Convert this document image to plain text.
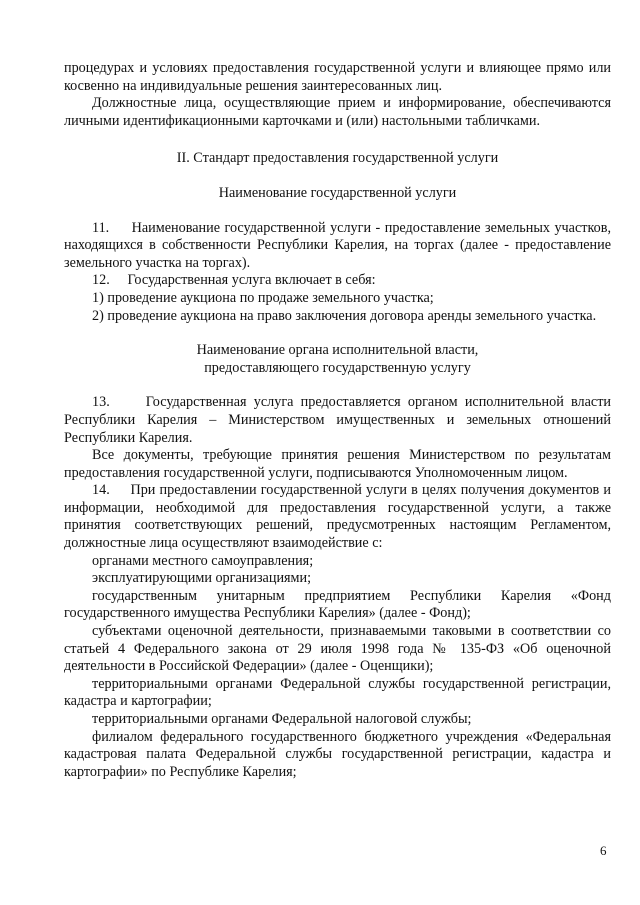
процедурах и условиях предоставления государственной услуги и влияющее прямо или косвенно на индивидуальные решения заинтересованных лиц.

Должностные лица, осуществляющие прием и информирование, обеспечиваются личными идентификационными карточками и (или) настольными табличками.

II. Стандарт предоставления государственной услуги

Наименование государственной услуги

11.     Наименование государственной услуги - предоставление земельных участков, находящихся в собственности Республики Карелия, на торгах (далее - предоставление земельного участка на торгах).

12.     Государственная услуга включает в себя:

1) проведение аукциона по продаже земельного участка;

2) проведение аукциона на право заключения договора аренды земельного участка.

Наименование органа исполнительной власти,

предоставляющего государственную услугу

13.     Государственная услуга предоставляется органом исполнительной власти Республики Карелия – Министерством имущественных и земельных отношений Республики Карелия.

Все документы, требующие принятия решения Министерством по результатам предоставления государственной услуги, подписываются Уполномоченным лицом.

14.     При предоставлении государственной услуги в целях получения документов и информации, необходимой для предоставления государственной услуги, а также принятия соответствующих решений, предусмотренных настоящим Регламентом, должностные лица осуществляют взаимодействие с:

органами местного самоуправления;

эксплуатирующими организациями;

государственным унитарным предприятием Республики Карелия «Фонд государственного имущества Республики Карелия» (далее - Фонд);

субъектами оценочной деятельности, признаваемыми таковыми в соответствии со статьей 4 Федерального закона от 29 июля 1998 года № 135-ФЗ «Об оценочной деятельности в Российской Федерации» (далее - Оценщики);

территориальными органами Федеральной службы государственной регистрации, кадастра и картографии;

территориальными органами Федеральной налоговой службы;

филиалом федерального государственного бюджетного учреждения «Федеральная кадастровая палата Федеральной службы государственной регистрации, кадастра и картографии» по Республике Карелия;

6
